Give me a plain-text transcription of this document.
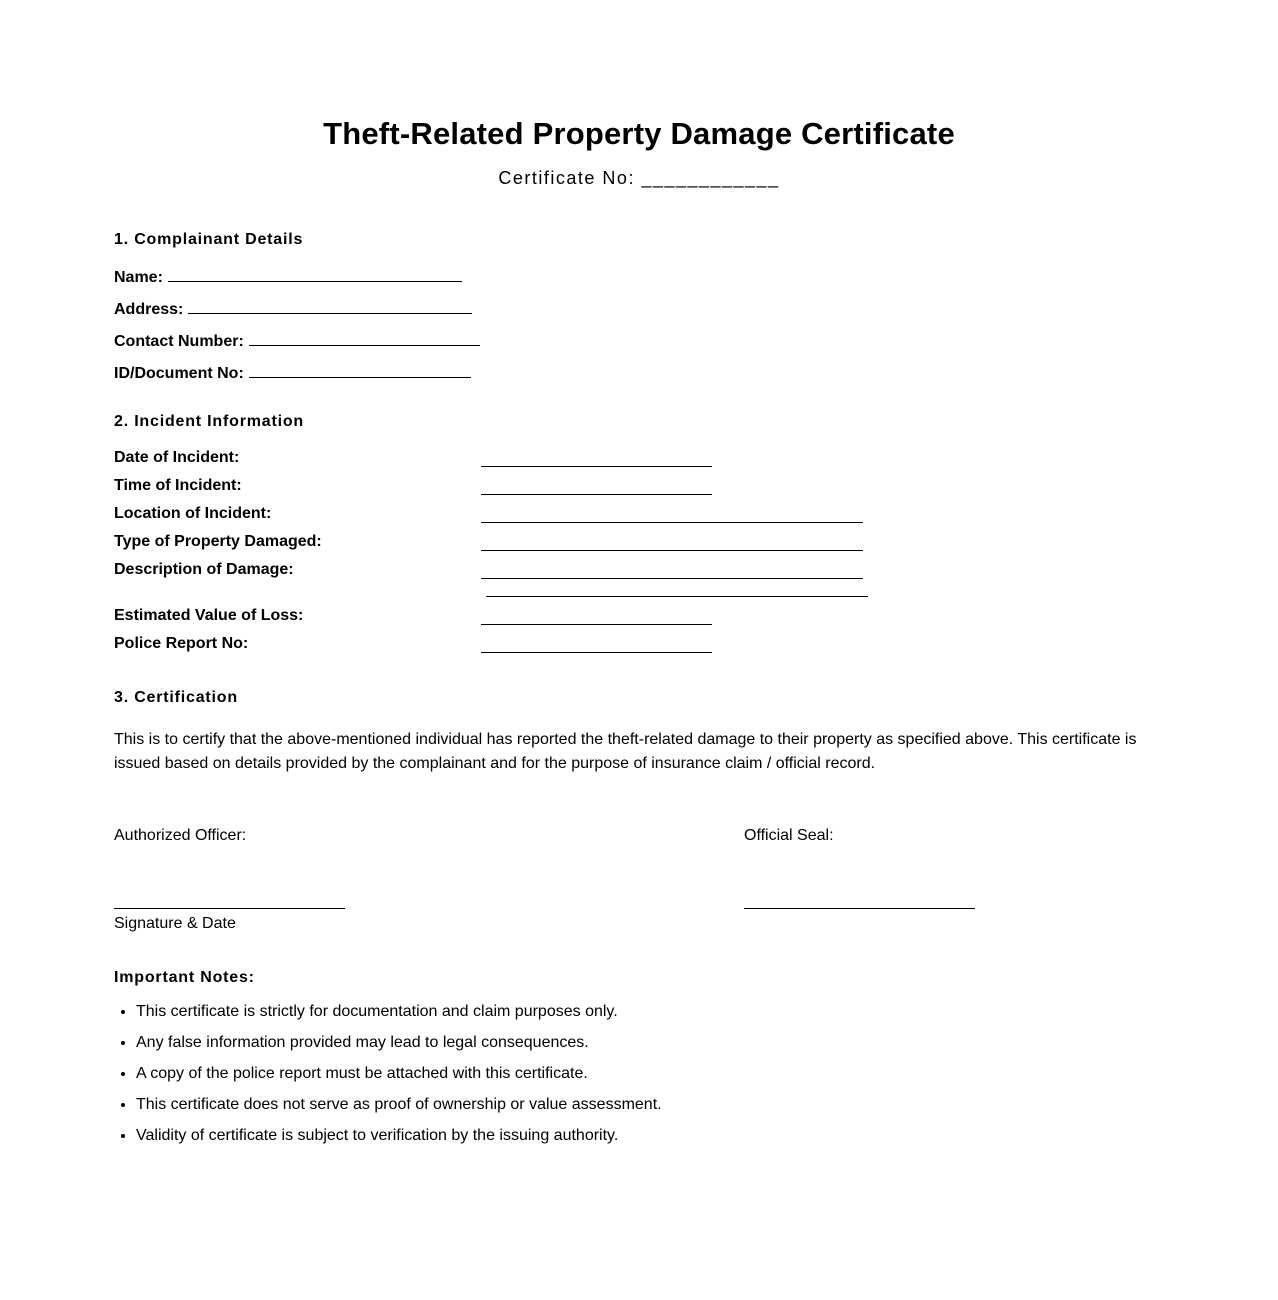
Theft-Related Property Damage Certificate
Certificate No: ____________
1. Complainant Details
Name:
Address:
Contact Number:
ID/Document No:
2. Incident Information
Date of Incident:
Time of Incident:
Location of Incident:
Type of Property Damaged:
Description of Damage:
Estimated Value of Loss:
Police Report No:
3. Certification
This is to certify that the above-mentioned individual has reported the theft-related damage to their property as specified above. This certificate is issued based on details provided by the complainant and for the purpose of insurance claim / official record.
Authorized Officer:	Official Seal:
Signature & Date
Important Notes:
• This certificate is strictly for documentation and claim purposes only.
• Any false information provided may lead to legal consequences.
• A copy of the police report must be attached with this certificate.
• This certificate does not serve as proof of ownership or value assessment.
• Validity of certificate is subject to verification by the issuing authority.
